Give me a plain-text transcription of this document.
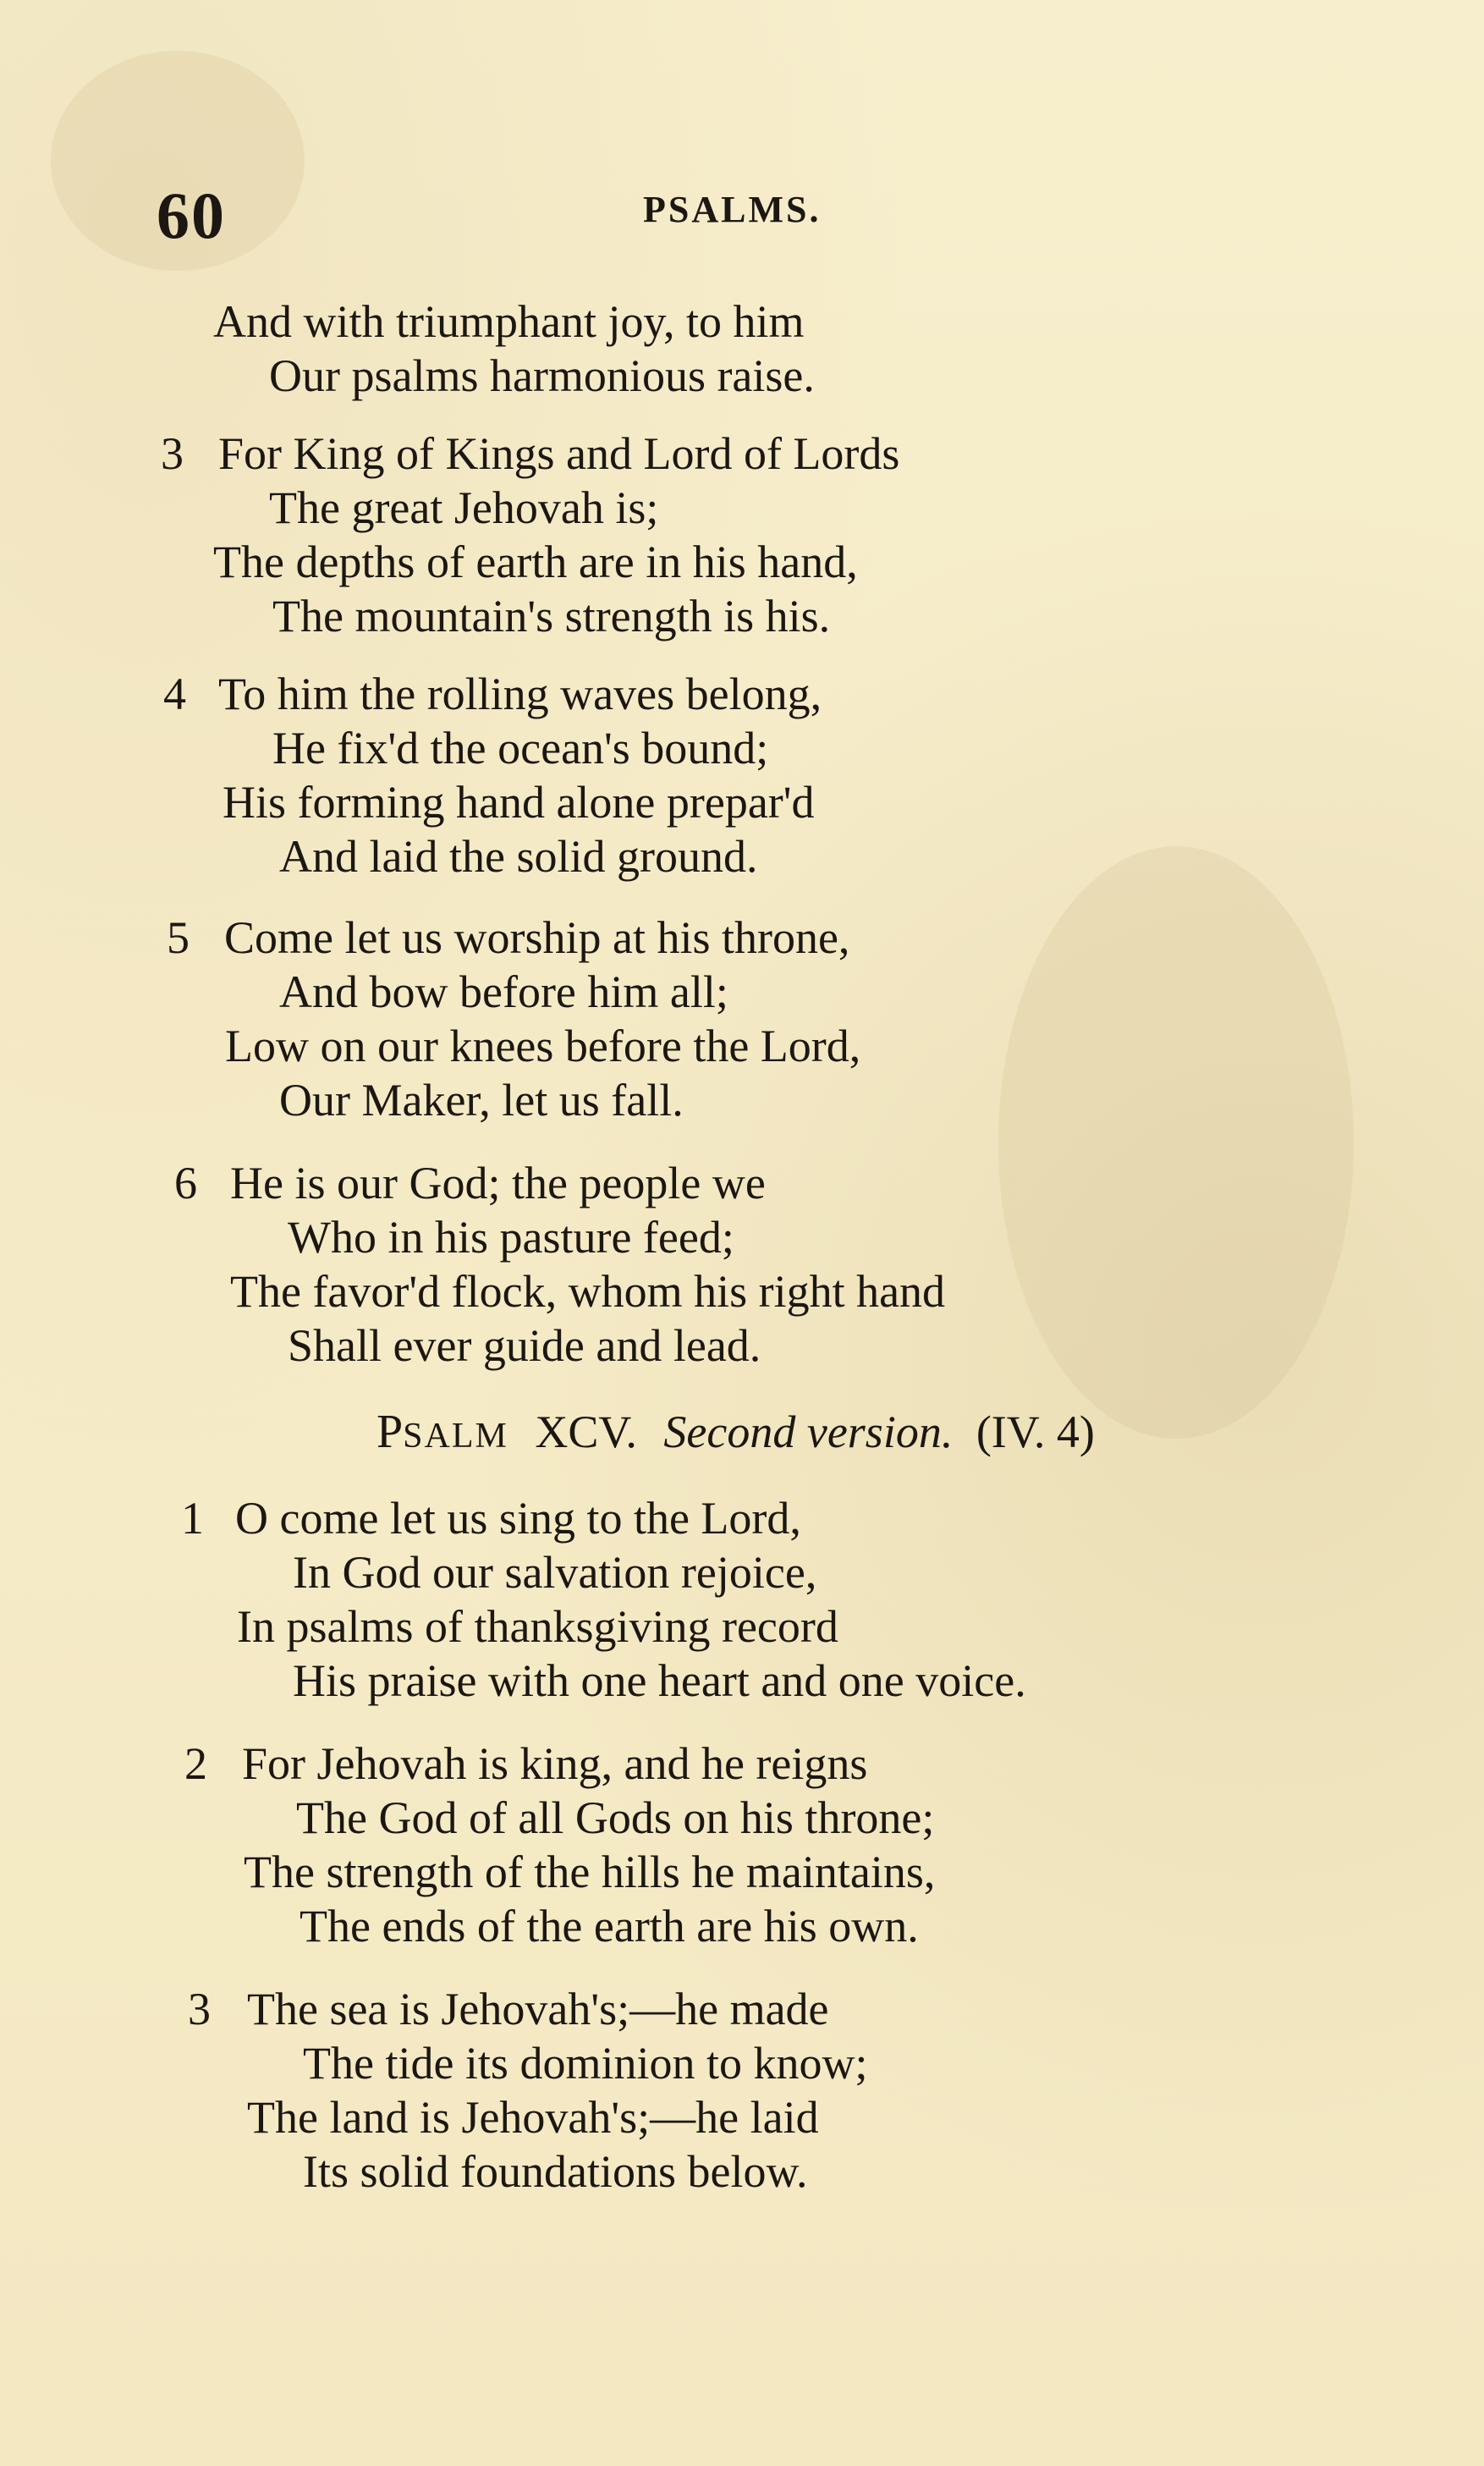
60	PSALMS.
And with triumphant joy, to him
Our psalms harmonious raise.
3 For King of Kings and Lord of Lords
The great Jehovah is;
The depths of earth are in his hand,
The mountain's strength is his.
4 To him the rolling waves belong,
He fix'd the ocean's bound;
His forming hand alone prepar'd
And laid the solid ground.
5 Come let us worship at his throne,
And bow before him all;
Low on our knees before the Lord,
Our Maker, let us fall.
6 He is our God; the people we
Who in his pasture feed;
The favor'd flock, whom his right hand
Shall ever guide and lead.
PSALM XCV. Second version. (IV. 4)
1 O come let us sing to the Lord,
In God our salvation rejoice,
In psalms of thanksgiving record
His praise with one heart and one voice.
2 For Jehovah is king, and he reigns
The God of all Gods on his throne;
The strength of the hills he maintains,
The ends of the earth are his own.
3 The sea is Jehovah's;—he made
The tide its dominion to know;
The land is Jehovah's;—he laid
Its solid foundations below.
